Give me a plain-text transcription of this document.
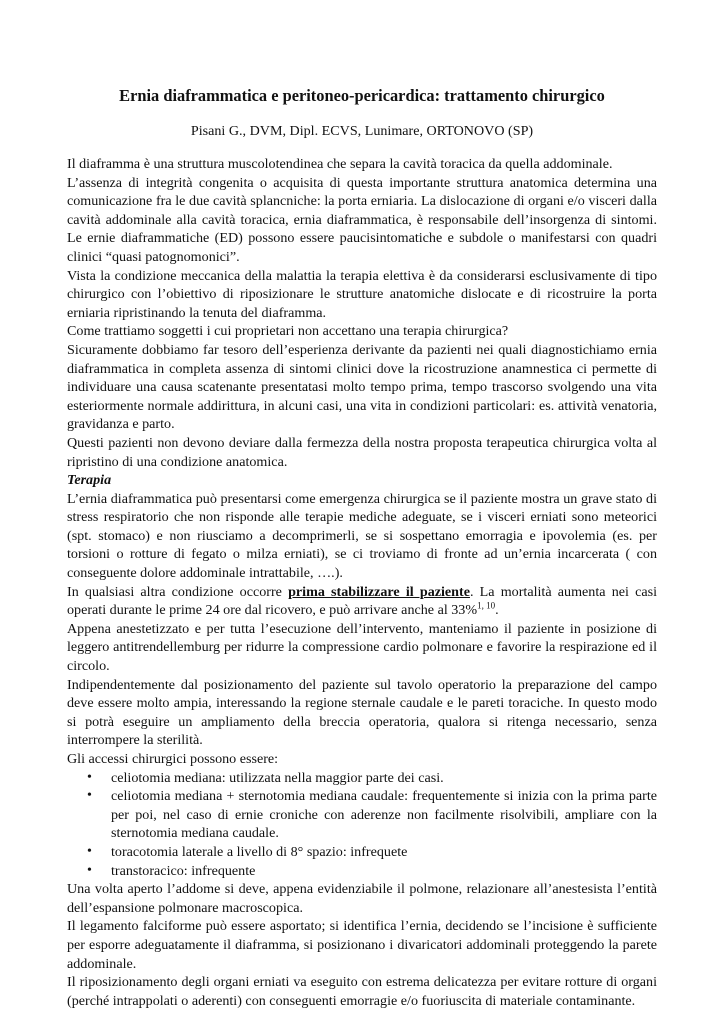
Ernia diaframmatica e peritoneo-pericardica: trattamento chirurgico
Pisani G., DVM, Dipl. ECVS, Lunimare, ORTONOVO (SP)

Il diaframma è una struttura muscolotendinea che separa la cavità toracica da quella addominale.

L’assenza di integrità congenita o acquisita di questa importante struttura anatomica determina una comunicazione fra le due cavità splancniche: la porta erniaria. La dislocazione di organi e/o visceri dalla cavità addominale alla cavità toracica, ernia diaframmatica, è responsabile dell’insorgenza di sintomi. Le ernie diaframmatiche (ED) possono essere paucisintomatiche e subdole o manifestarsi con quadri clinici “quasi patognomonici”.

Vista la condizione meccanica della malattia la terapia elettiva è da considerarsi esclusivamente di tipo chirurgico con l’obiettivo di riposizionare le strutture anatomiche dislocate e di ricostruire la porta erniaria ripristinando la tenuta del diaframma.

Come trattiamo soggetti i cui proprietari non accettano una terapia chirurgica?

Sicuramente dobbiamo far tesoro dell’esperienza derivante da pazienti nei quali diagnostichiamo ernia diaframmatica in completa assenza di sintomi clinici dove la ricostruzione anamnestica ci permette di individuare una causa scatenante presentatasi molto tempo prima, tempo trascorso svolgendo una vita esteriormente normale addirittura, in alcuni casi, una vita in condizioni particolari: es. attività venatoria, gravidanza e parto.

Questi pazienti non devono deviare dalla fermezza della nostra proposta terapeutica chirurgica volta al ripristino di una condizione anatomica.

Terapia

L’ernia diaframmatica può presentarsi come emergenza chirurgica se il paziente mostra un grave stato di stress respiratorio che non risponde alle terapie mediche adeguate, se i visceri erniati sono meteorici (spt. stomaco) e non riusciamo a decomprimerli, se si sospettano emorragia e ipovolemia (es. per torsioni o rotture di fegato o milza erniati), se ci troviamo di fronte ad un’ernia incarcerata ( con conseguente dolore addominale intrattabile, ….).

In qualsiasi altra condizione occorre prima stabilizzare il paziente. La mortalità aumenta nei casi operati durante le prime 24 ore dal ricovero, e può arrivare anche al 33%$^{1, 10}$.

Appena anestetizzato e per tutta l’esecuzione dell’intervento, manteniamo il paziente in posizione di leggero antitrendellemburg per ridurre la compressione cardio polmonare e favorire la respirazione ed il circolo.

Indipendentemente dal posizionamento del paziente sul tavolo operatorio la preparazione del campo deve essere molto ampia, interessando la regione sternale caudale e le pareti toraciche. In questo modo si potrà eseguire un ampliamento della breccia operatoria, qualora si ritenga necessario, senza interrompere la sterilità.

Gli accessi chirurgici possono essere:

• celiotomia mediana: utilizzata nella maggior parte dei casi.
• celiotomia mediana + sternotomia mediana caudale: frequentemente si inizia con la prima parte per poi, nel caso di ernie croniche con aderenze non facilmente risolvibili, ampliare con la sternotomia mediana caudale.
• toracotomia laterale a livello di 8° spazio: infrequete
• transtoracico: infrequente

Una volta aperto l’addome si deve, appena evidenziabile il polmone, relazionare all’anestesista l’entità dell’espansione polmonare macroscopica.

Il legamento falciforme può essere asportato; si identifica l’ernia, decidendo se l’incisione è sufficiente per esporre adeguatamente il diaframma, si posizionano i divaricatori addominali proteggendo la parete addominale.

Il riposizionamento degli organi erniati va eseguito con estrema delicatezza per evitare rotture di organi (perché intrappolati o aderenti) con conseguenti emorragie e/o fuoriuscita di materiale contaminante.
